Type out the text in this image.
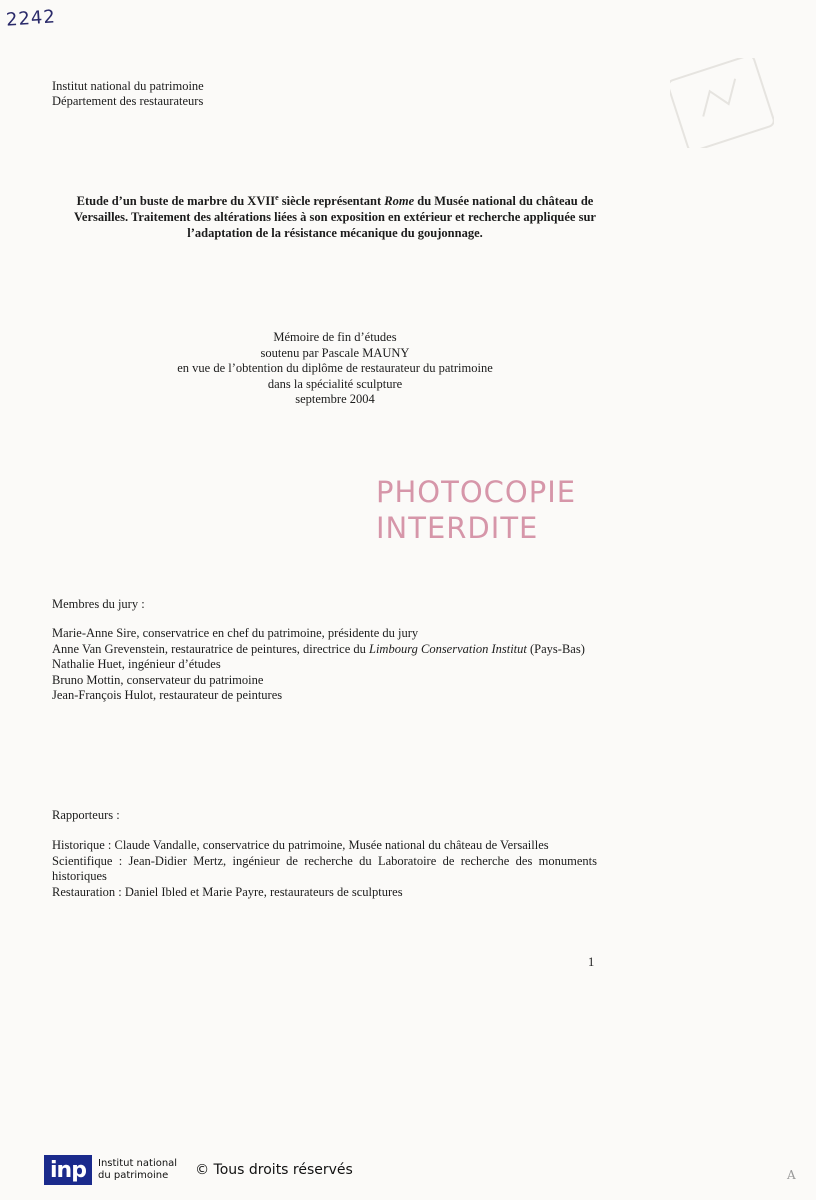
2242
Institut national du patrimoine
Département des restaurateurs
Etude d’un buste de marbre du XVIIe siècle représentant Rome du Musée national du château de Versailles. Traitement des altérations liées à son exposition en extérieur et recherche appliquée sur l’adaptation de la résistance mécanique du goujonnage.
Mémoire de fin d’études
soutenu par Pascale MAUNY
en vue de l’obtention du diplôme de restaurateur du patrimoine
dans la spécialité sculpture
septembre 2004
PHOTOCOPIE
INTERDITE
Membres du jury :
Marie-Anne Sire, conservatrice en chef du patrimoine, présidente du jury
Anne Van Grevenstein, restauratrice de peintures, directrice du Limbourg Conservation Institut (Pays-Bas)
Nathalie Huet, ingénieur d’études
Bruno Mottin, conservateur du patrimoine
Jean-François Hulot, restaurateur de peintures
Rapporteurs :
Historique : Claude Vandalle, conservatrice du patrimoine, Musée national du château de Versailles
Scientifique : Jean-Didier Mertz, ingénieur de recherche du Laboratoire de recherche des monuments historiques
Restauration : Daniel Ibled et Marie Payre, restaurateurs de sculptures
1
inp	Institut national
du patrimoine	© Tous droits réservés	A
